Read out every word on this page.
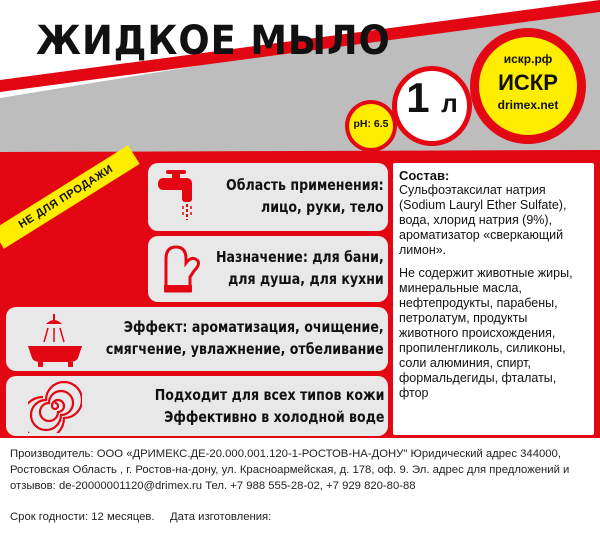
ЖИДКОЕ МЫЛО
pH: 6.5
1 л
искр.рф
ИСКР
drimex.net
Область применения:
лицо, руки, тело
Назначение: для бани,
для душа, для кухни
Эффект: ароматизация, очищение,
смягчение, увлажнение, отбеливание
Подходит для всех типов кожи
Эффективно в холодной воде
НЕ ДЛЯ ПРОДАЖИ	Состав:
Сульфоэтаксилат натрия (Sodium Lauryl Ether Sulfate), вода, хлорид натрия (9%), ароматизатор «сверкающий лимон».
Не содержит животные жиры, минеральные масла, нефтепродукты, парабены, петролатум, продукты животного происхождения, пропиленгликоль, силиконы, соли алюминия, спирт, формальдегиды, фталаты, фтор
Производитель: ООО «ДРИМЕКС.ДЕ-20.000.001.120-1-РОСТОВ-НА-ДОНУ" Юридический адрес 344000, Ростовская Область , г. Ростов-на-дону, ул. Красноармейская, д. 178, оф. 9. Эл. адрес для предложений и отзывов: de-20000001120@drimex.ru Тел. +7 988 555-28-02, +7 929 820-80-88
Срок годности: 12 месяцев. Дата изготовления:
